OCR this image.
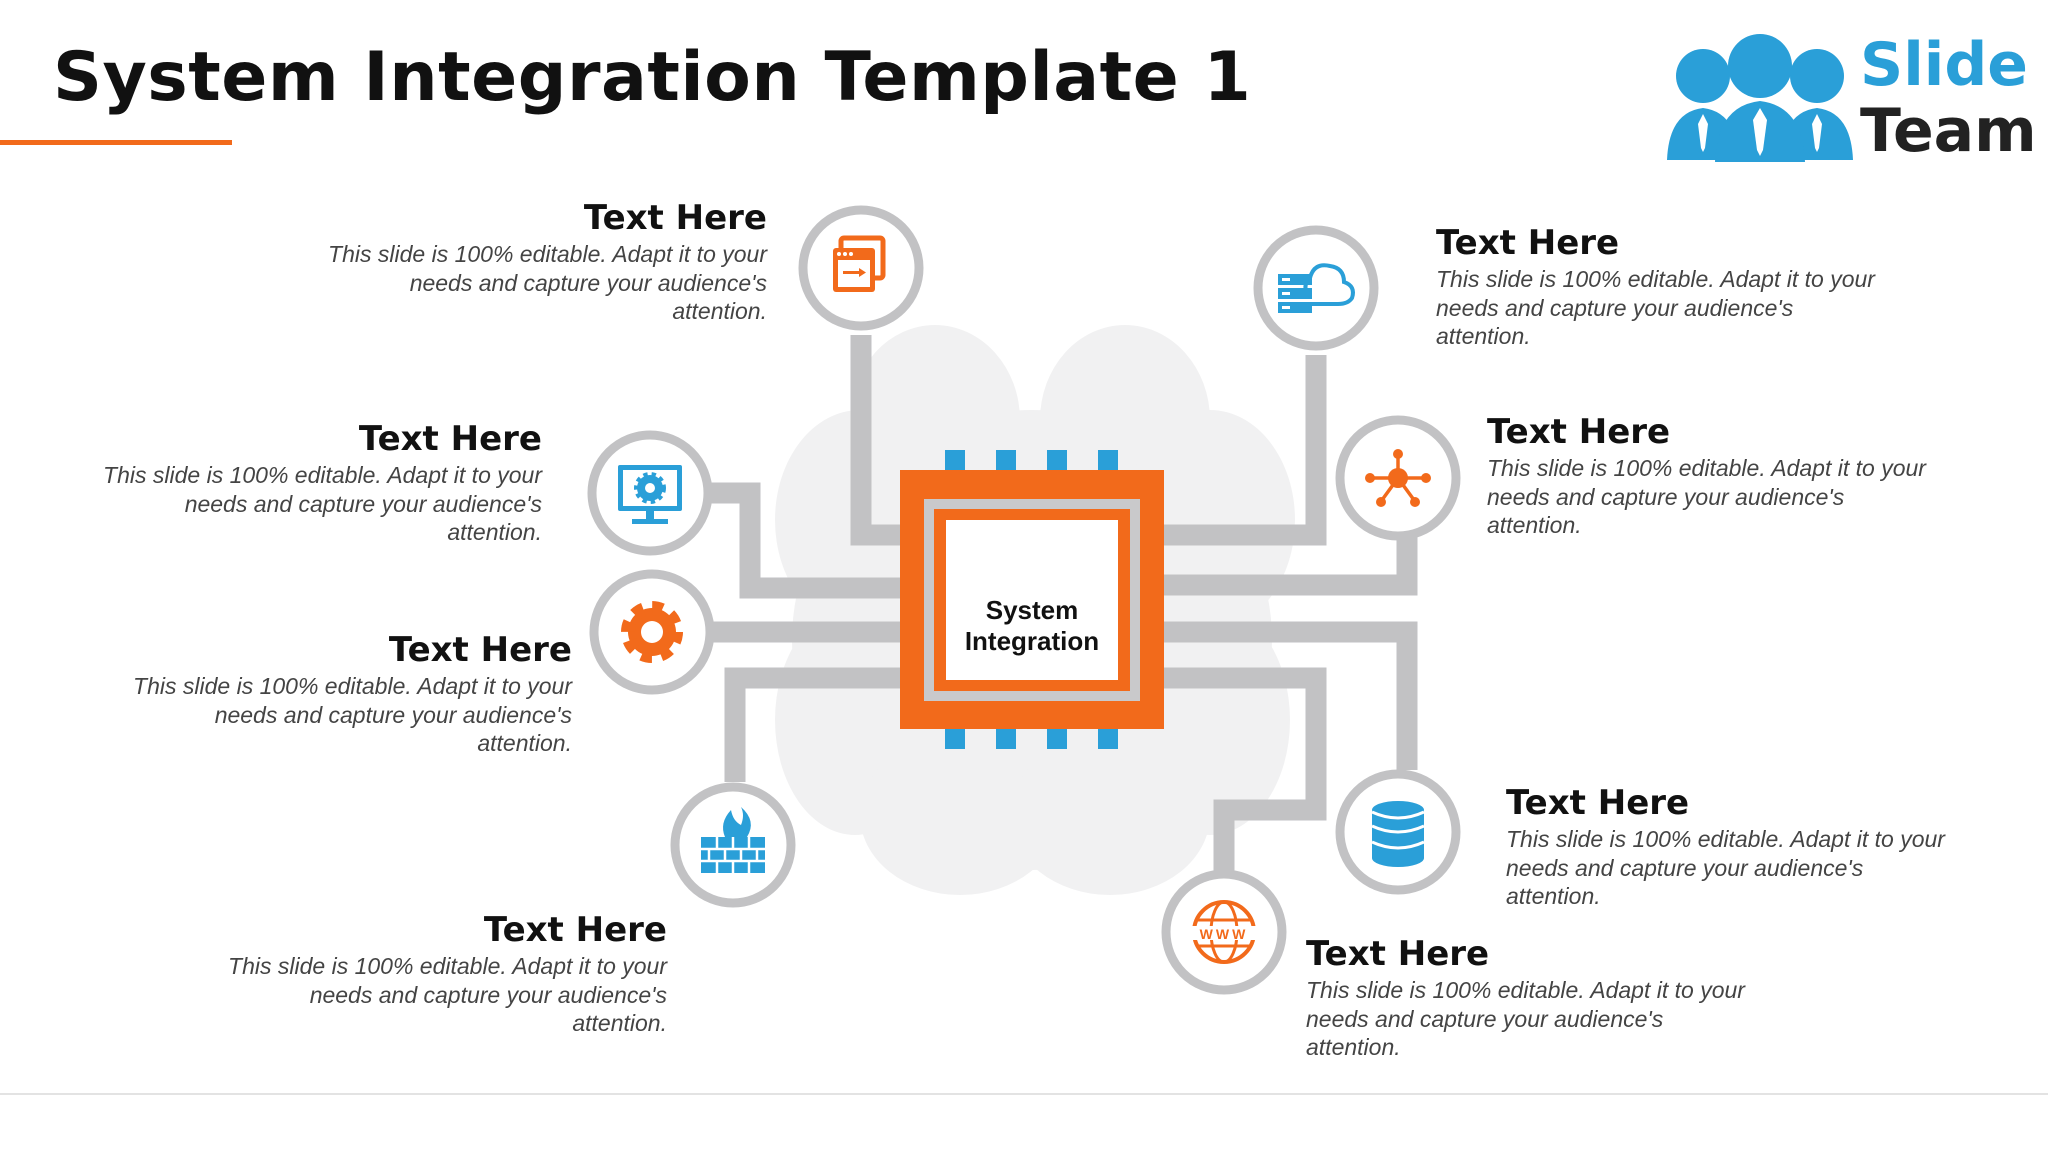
System Integration Template 1	Slide
Team
WWW
System
Integration
Text Here

This slide is 100% editable. Adapt it to your needs and capture your audience's attention.

Text Here

This slide is 100% editable. Adapt it to your needs and capture your audience's attention.

Text Here

This slide is 100% editable. Adapt it to your needs and capture your audience's attention.

Text Here

This slide is 100% editable. Adapt it to your needs and capture your audience's attention.

Text Here

This slide is 100% editable. Adapt it to your needs and capture your audience's attention.

Text Here

This slide is 100% editable. Adapt it to your needs and capture your audience's attention.

Text Here

This slide is 100% editable. Adapt it to your needs and capture your audience's attention.

Text Here

This slide is 100% editable. Adapt it to your needs and capture your audience's attention.
